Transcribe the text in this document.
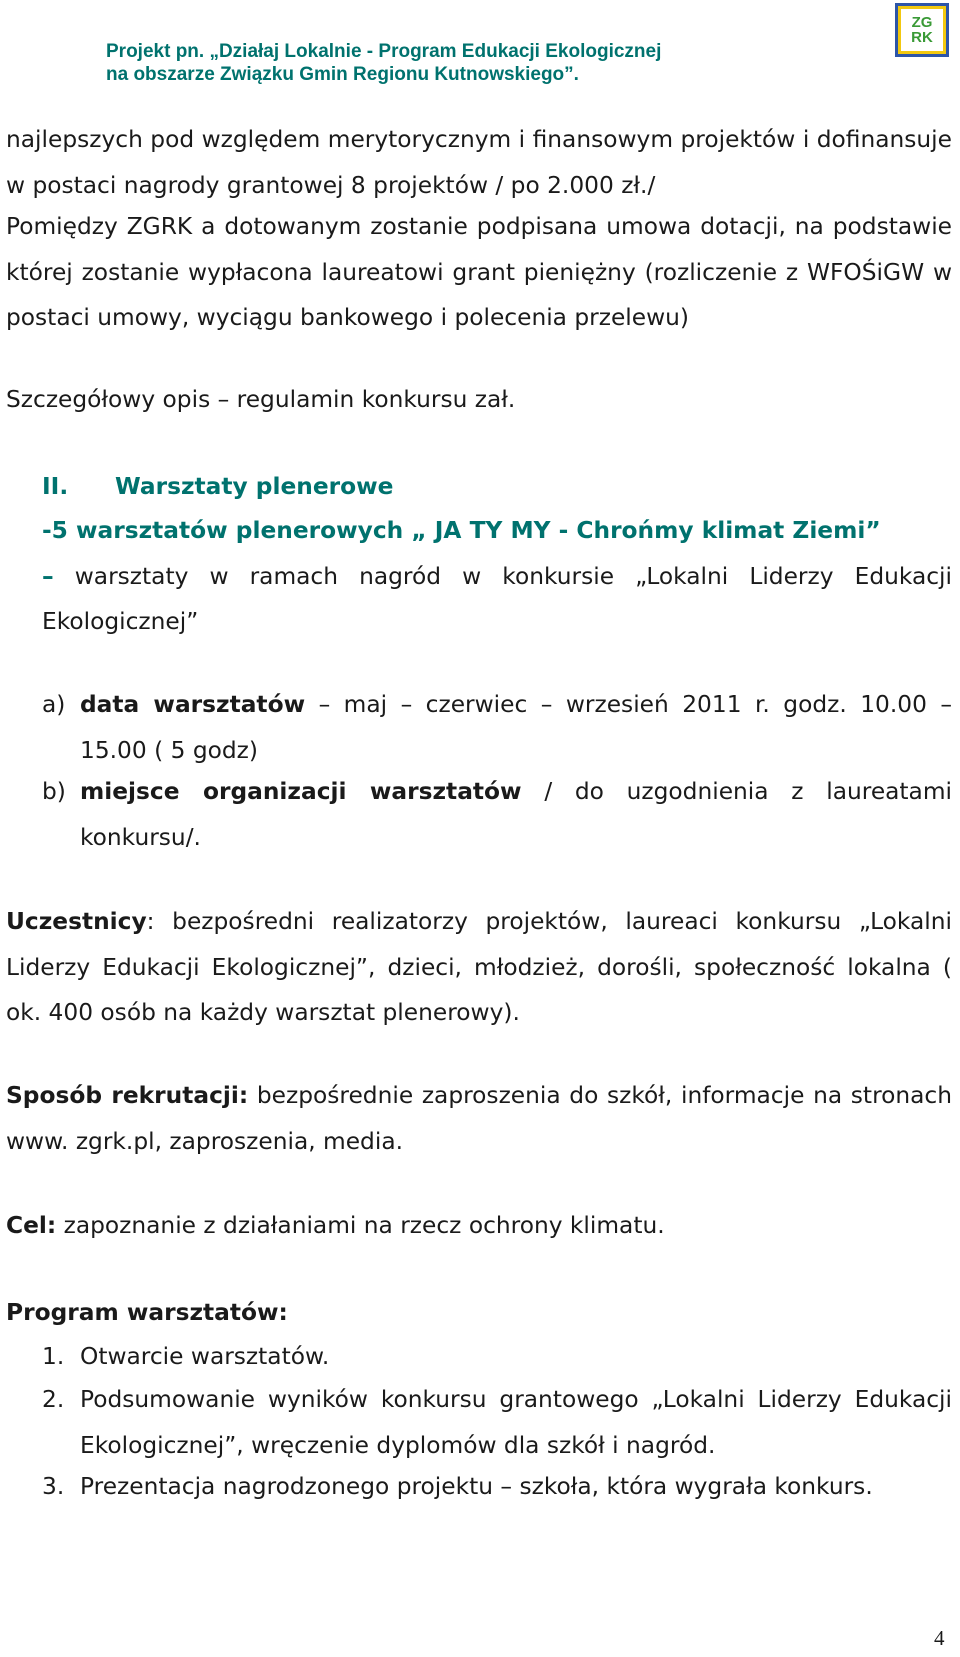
Projekt pn. „Działaj Lokalnie - Program Edukacji Ekologicznej
na obszarze Związku Gmin Regionu Kutnowskiego”.
ZG
RK
najlepszych pod względem merytorycznym i finansowym projektów i dofinansuje w postaci nagrody grantowej 8 projektów / po 2.000 zł./
Pomiędzy ZGRK a dotowanym zostanie podpisana umowa dotacji, na podstawie której zostanie wypłacona laureatowi grant pieniężny (rozliczenie z WFOŚiGW w postaci umowy, wyciągu bankowego i polecenia przelewu)
Szczegółowy opis – regulamin konkursu zał.
II. Warsztaty plenerowe
-5 warsztatów plenerowych „ JA TY MY - Chrońmy klimat Ziemi”
– warsztaty w ramach nagród w konkursie „Lokalni Liderzy Edukacji Ekologicznej”
a) data warsztatów – maj – czerwiec – wrzesień 2011 r. godz. 10.00 – 15.00 ( 5 godz)
b) miejsce organizacji warsztatów / do uzgodnienia z laureatami konkursu/.
Uczestnicy: bezpośredni realizatorzy projektów, laureaci konkursu „Lokalni Liderzy Edukacji Ekologicznej”, dzieci, młodzież, dorośli, społeczność lokalna ( ok. 400 osób na każdy warsztat plenerowy).
Sposób rekrutacji: bezpośrednie zaproszenia do szkół, informacje na stronach www. zgrk.pl, zaproszenia, media.
Cel: zapoznanie z działaniami na rzecz ochrony klimatu.
Program warsztatów:
1. Otwarcie warsztatów.
2. Podsumowanie wyników konkursu grantowego „Lokalni Liderzy Edukacji Ekologicznej”, wręczenie dyplomów dla szkół i nagród.
3. Prezentacja nagrodzonego projektu – szkoła, która wygrała konkurs.
4
